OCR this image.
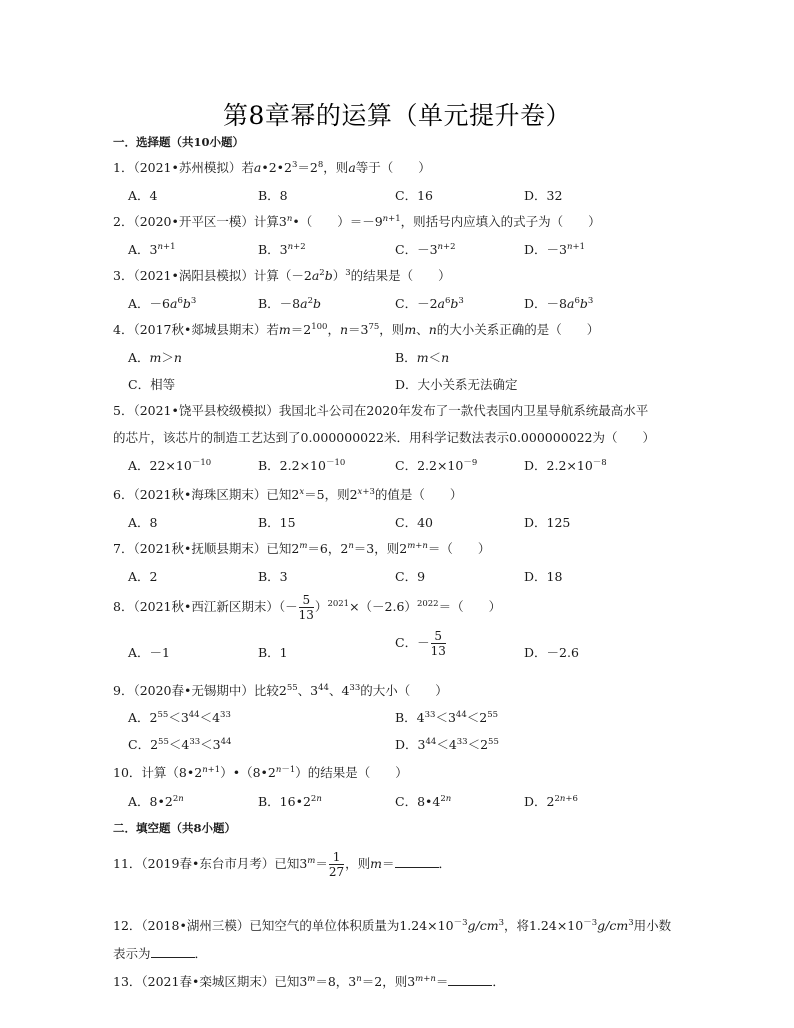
第8章幂的运算（单元提升卷）
一．选择题（共10小题）
1．（2021•苏州模拟）若$a•2•2^3=2^8$，则a等于（　　）
A．4	B．8	C．16	D．32
2．（2020•开平区一模）计算3$^n$•（　　）$=-9^{n+1}$，则括号内应填入的式子为（　　）
A．$3^{n+1}$	B．$3^{n+2}$	C．$-3^{n+2}$	D．$-3^{n+1}$
3．（2021•涡阳县模拟）计算$(-2a^2b)^3$的结果是（　　）
A．$-6a^6b^3$	B．$-8a^2b$	C．$-2a^6b^3$	D．$-8a^6b^3$
4．（2017秋•郯城县期末）若$m=2^{100}$，$n=3^{75}$，则m、n的大小关系正确的是（　　）
A．m＞n	B．m＜n
C．相等	D．大小关系无法确定
5．（2021•饶平县校级模拟）我国北斗公司在2020年发布了一款代表国内卫星导航系统最高水平
的芯片，该芯片的制造工艺达到了0.000000022米．用科学记数法表示0.000000022为（　　）
A．$22\times 10^{-10}$	B．$2.2\times 10^{-10}$	C．$2.2\times 10^{-9}$	D．$2.2\times 10^{-8}$
6．（2021秋•海珠区期末）已知$2^x=5$，则$2^{x+3}$的值是（　　）
A．8	B．15	C．40	D．125
7．（2021秋•抚顺县期末）已知$2^m=6$，$2^n=3$，则$2^{m+n}=$（　　）
A．2	B．3	C．9	D．18
8．（2021秋•西江新区期末）（－ $\frac{5}{13} )^{2021}\times(-2.6)^{2022}=$（　　）
A．－1	B．1
C．－ $\frac{5}{13}$	D．－2.6
9．（2020春•无锡期中）比较$2^{55}$、$3^{44}$、$4^{33}$的大小（　　）
A．$2^{55}<3^{44}<4^{33}$	B．$4^{33}<3^{44}<2^{55}$
C．$2^{55}<4^{33}<3^{44}$	D．$3^{44}<4^{33}<2^{55}$
10．计算$(8•2^{n+1})•(8•2^{n-1})$的结果是（　　）
A．$8•2^{2n}$	B．$16•2^{2n}$	C．$8•4^{2n}$	D．$2^{2n+6}$
二．填空题（共8小题）
11．（2019春•东台市月考）已知$3^m= \frac{1}{27}$ ，则m＝	．
12．（2018•湖州三模）已知空气的单位体积质量为$1.24\times 10^{-3}g/cm^3$，将$1.24\times 10^{-3}g/cm^3$用小数
表示为	．
13．（2021春•栾城区期末）已知$3^m=8$，$3^n=2$，则$3^{m+n}=$	．
